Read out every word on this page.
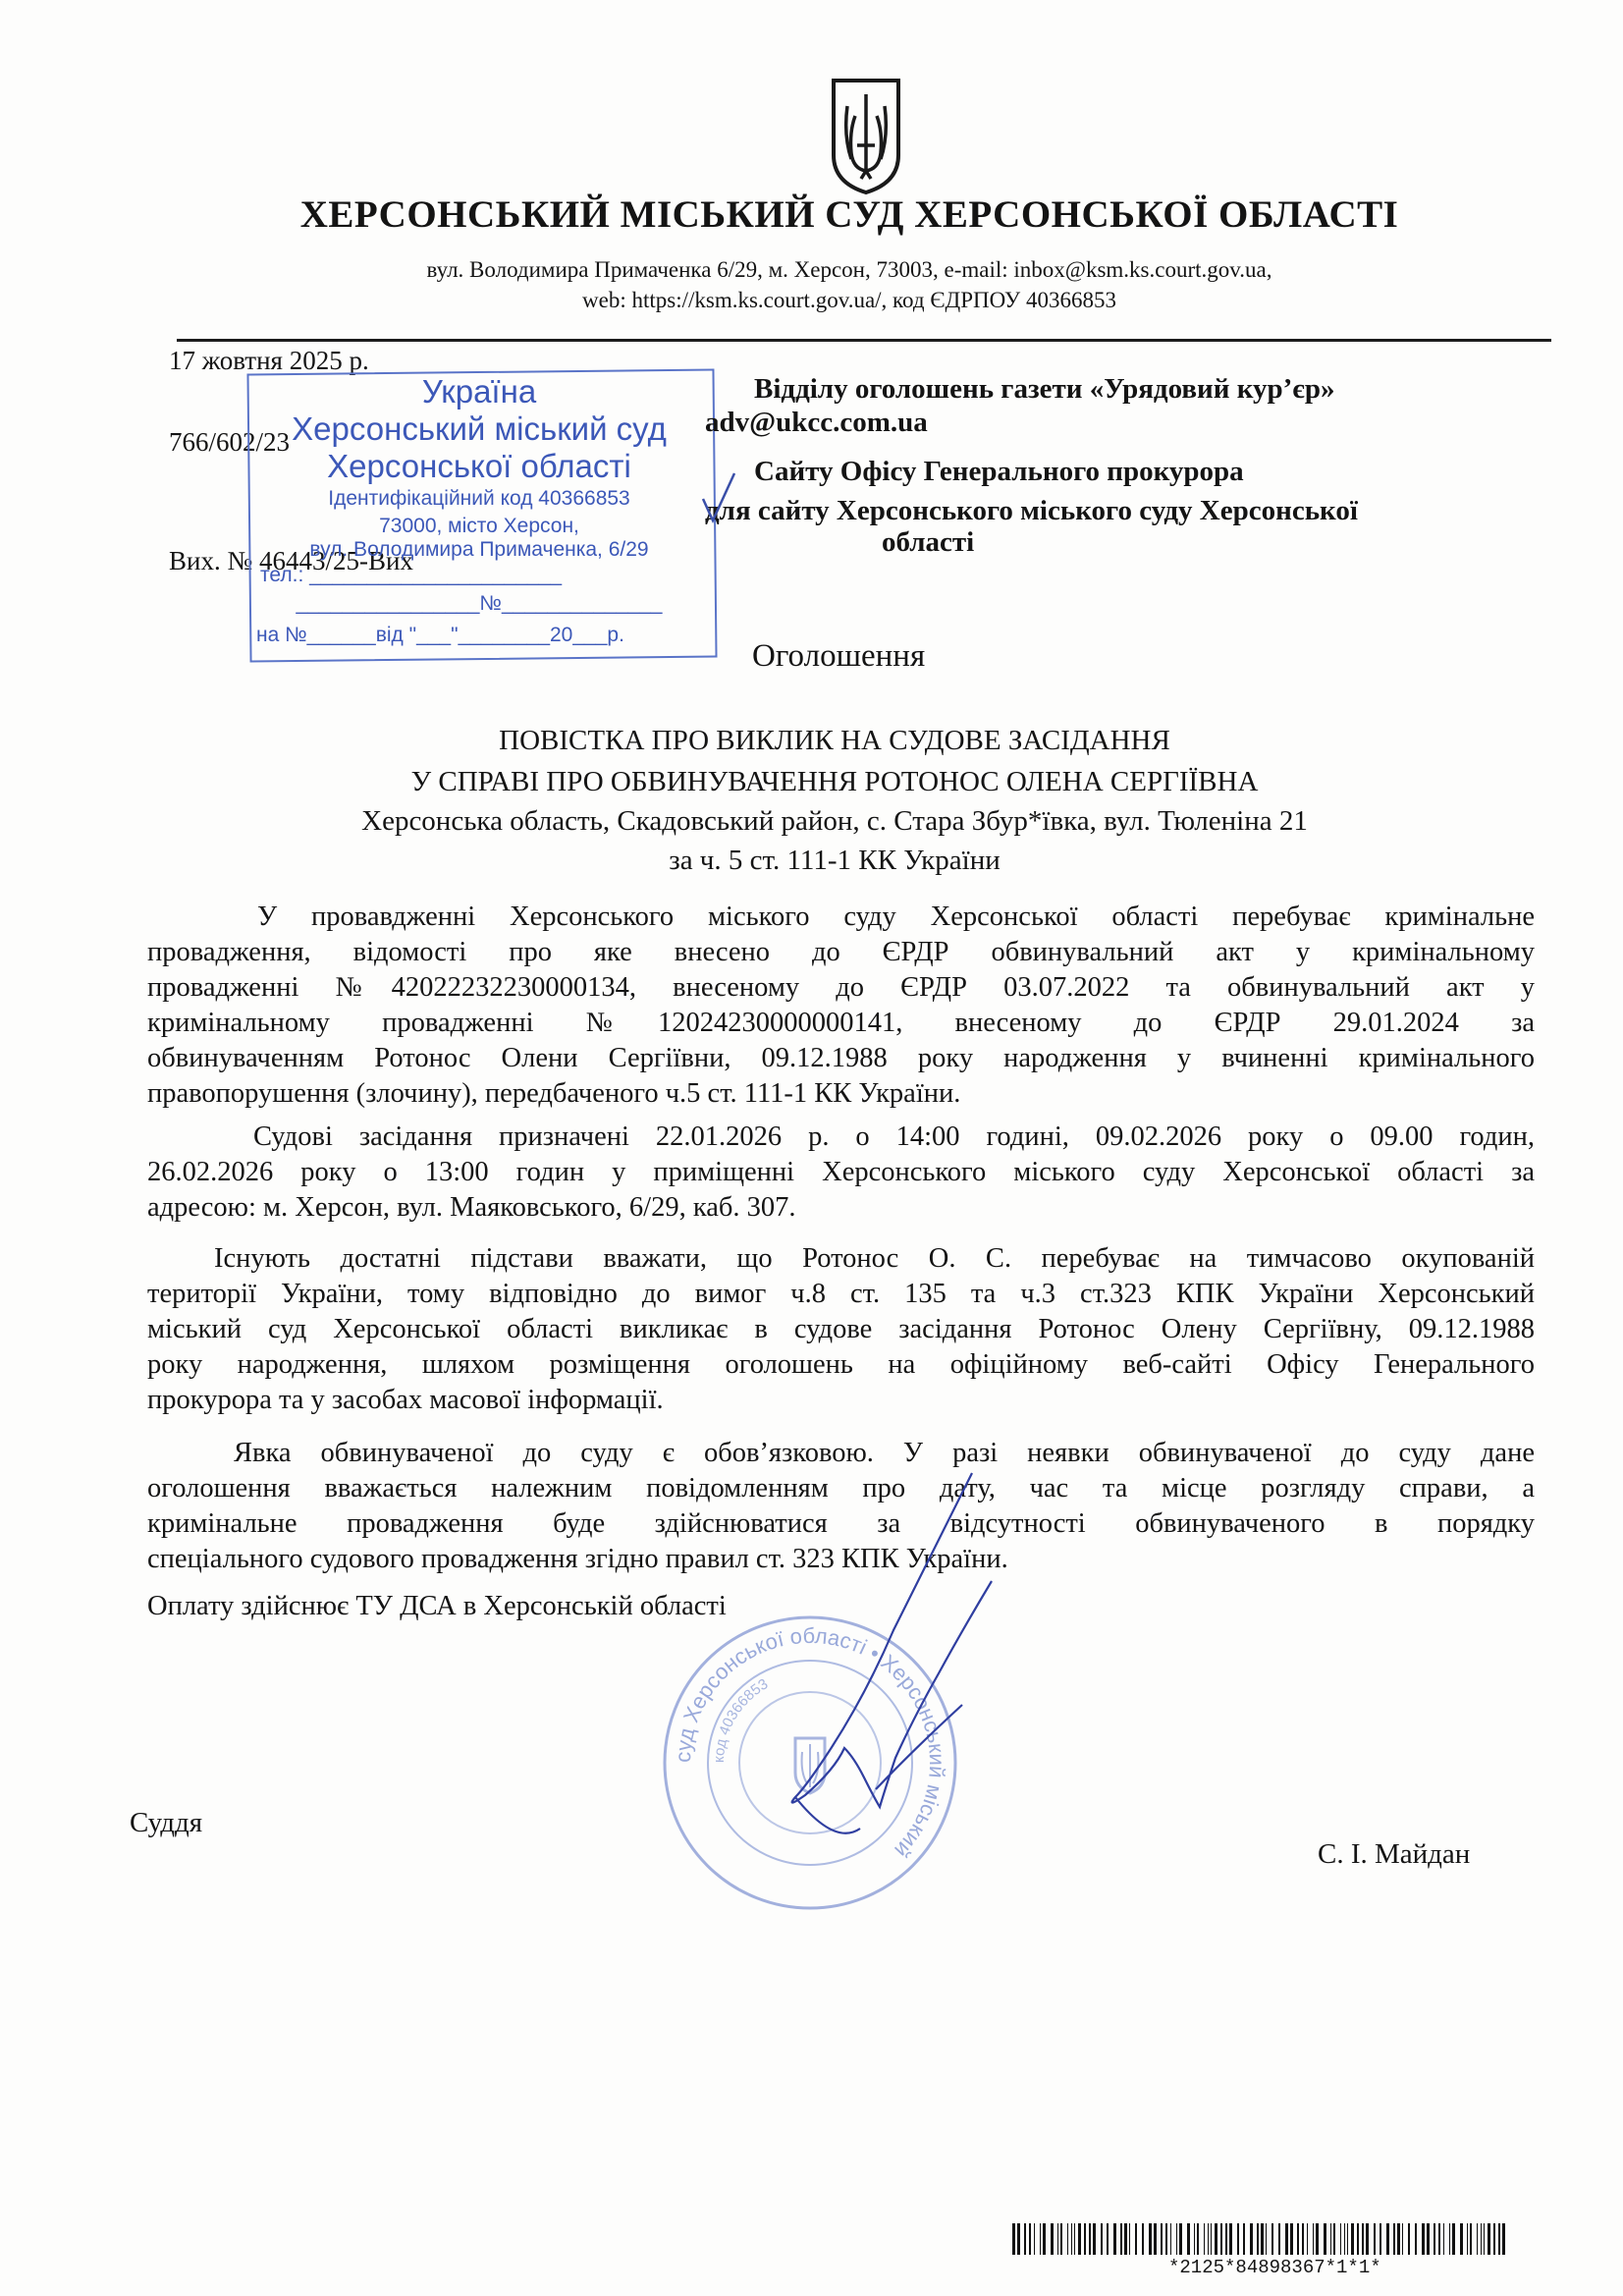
ХЕРСОНСЬКИЙ МІСЬКИЙ СУД ХЕРСОНСЬКОЇ ОБЛАСТІ
вул. Володимира Примаченка 6/29, м. Херсон, 73003, e-mail: inbox@ksm.ks.court.gov.ua,
web: https://ksm.ks.court.gov.ua/, код ЄДРПОУ 40366853
17 жовтня 2025 р.
766/602/23
Вих. № 46443/25-Вих
Україна
Херсонський міський суд
Херсонської області
Ідентифікаційний код 40366853
73000, місто Херсон,
вул. Володимира Примаченка, 6/29
тел.: ______________________
________________№______________
на №______від "___"________20___р.
Відділу оголошень газети «Урядовий кур’єр»
adv@ukcc.com.ua
Сайту Офісу Генерального прокурора
для сайту Херсонського міського суду Херсонської
області
Оголошення
ПОВІСТКА ПРО ВИКЛИК НА СУДОВЕ ЗАСІДАННЯ
У СПРАВІ ПРО ОБВИНУВАЧЕННЯ РОТОНОС ОЛЕНА СЕРГІЇВНА
Херсонська область, Скадовський район, с. Стара Збур*ївка, вул. Тюленіна 21
за ч. 5 ст. 111-1 КК України
У провавдженні Херсонського міського суду Херсонської області перебуває кримінальне
провадження, відомості про яке внесено до ЄРДР обвинувальний акт у кримінальному
провадженні №42022232230000134, внесеному до ЄРДР 03.07.2022 та обвинувальний акт у
кримінальному провадженні №12024230000000141, внесеному до ЄРДР 29.01.2024 за
обвинуваченням Ротонос Олени Сергіївни, 09.12.1988 року народження у вчиненні кримінального
правопорушення (злочину), передбаченого ч.5 ст. 111-1 КК України.
Судові засідання призначені 22.01.2026 р. о 14:00 годині, 09.02.2026 року о 09.00 годин,
26.02.2026 року о 13:00 годин у приміщенні Херсонського міського суду Херсонської області за
адресою: м. Херсон, вул. Маяковського, 6/29, каб. 307.
Існують достатні підстави вважати, що Ротонос О. С. перебуває на тимчасово окупованій
території України, тому відповідно до вимог ч.8 ст. 135 та ч.3 ст.323 КПК України Херсонський
міський суд Херсонської області викликає в судове засідання Ротонос Олену Сергіївну, 09.12.1988
року народження, шляхом розміщення оголошень на офіційному веб-сайті Офісу Генерального
прокурора та у засобах масової інформації.
Явка обвинуваченої до суду є обов’язковою. У разі неявки обвинуваченої до суду дане
оголошення вважається належним повідомленням про дату, час та місце розгляду справи, а
кримінальне провадження буде здійснюватися за відсутності обвинуваченого в порядку
спеціального судового провадження згідно правил ст. 323 КПК України.
Оплату здійснює ТУ ДСА в Херсонській області
суд Херсонської області • Херсонський міський
код 40366853
Суддя
С. І. Майдан
*2125*84898367*1*1*
